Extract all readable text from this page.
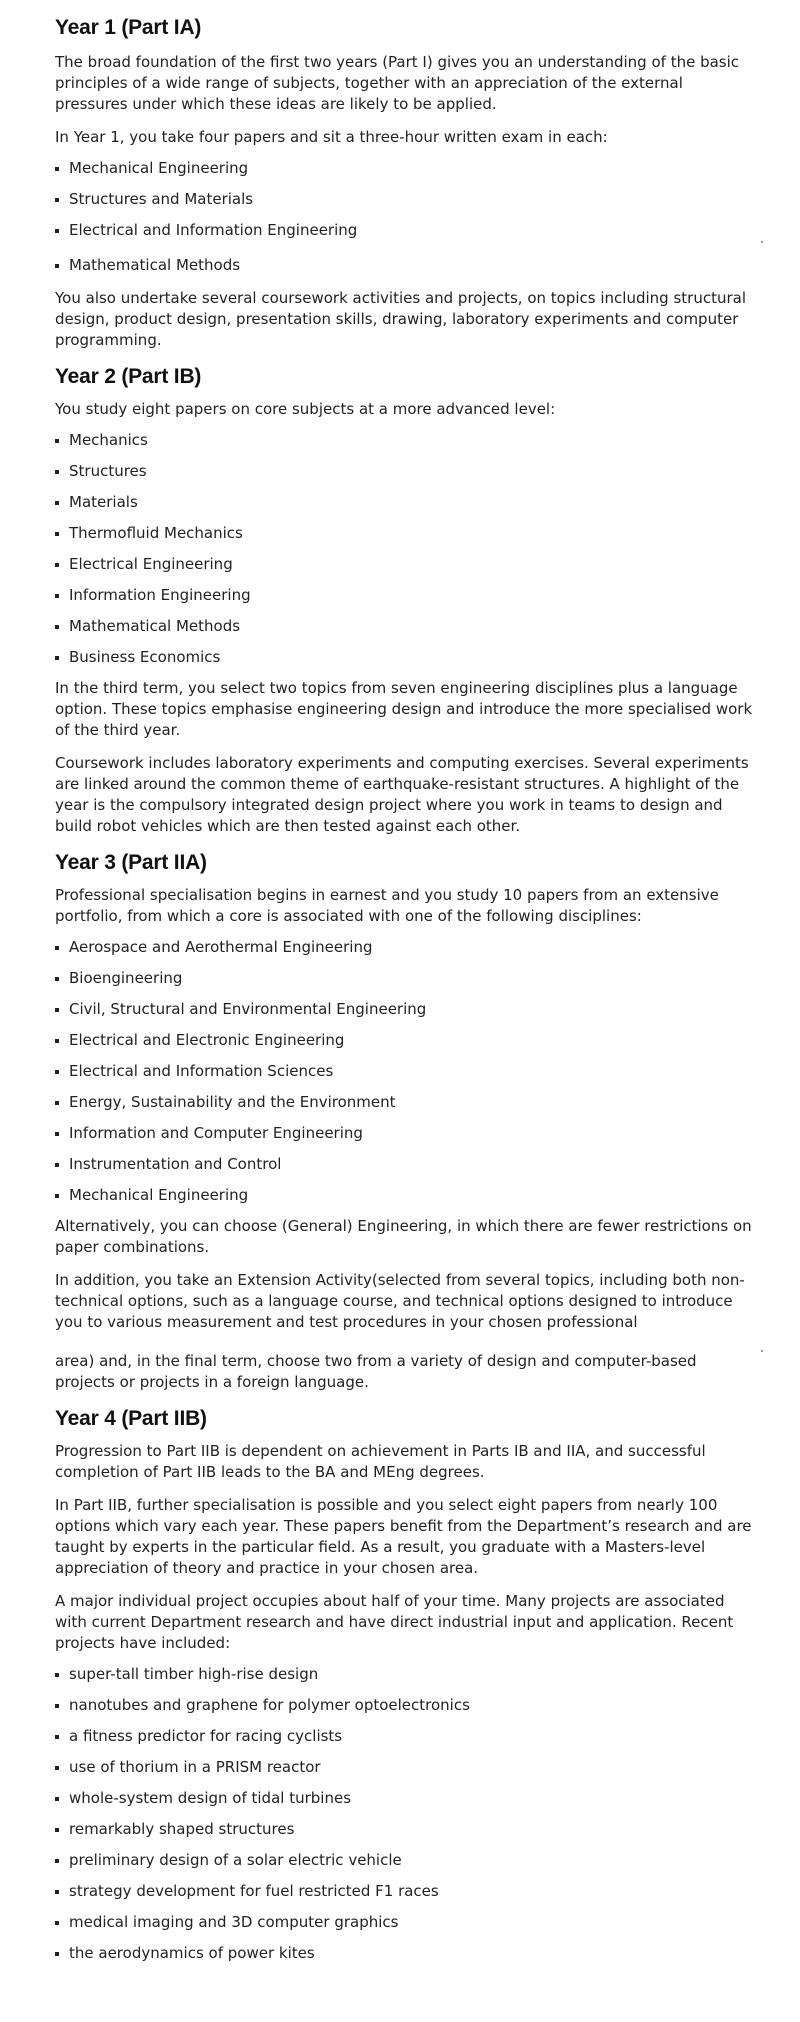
Year 1 (Part IA)

The broad foundation of the first two years (Part I) gives you an understanding of the basic principles of a wide range of subjects, together with an appreciation of the external pressures under which these ideas are likely to be applied.

In Year 1, you take four papers and sit a three-hour written exam in each:

Mechanical Engineering
Structures and Materials
Electrical and Information Engineering
Mathematical Methods

You also undertake several coursework activities and projects, on topics including structural design, product design, presentation skills, drawing, laboratory experiments and computer programming.

Year 2 (Part IB)

You study eight papers on core subjects at a more advanced level:

Mechanics
Structures
Materials
Thermofluid Mechanics
Electrical Engineering
Information Engineering
Mathematical Methods
Business Economics

In the third term, you select two topics from seven engineering disciplines plus a language option. These topics emphasise engineering design and introduce the more specialised work of the third year.

Coursework includes laboratory experiments and computing exercises. Several experiments are linked around the common theme of earthquake-resistant structures. A highlight of the year is the compulsory integrated design project where you work in teams to design and build robot vehicles which are then tested against each other.

Year 3 (Part IIA)

Professional specialisation begins in earnest and you study 10 papers from an extensive portfolio, from which a core is associated with one of the following disciplines:

Aerospace and Aerothermal Engineering
Bioengineering
Civil, Structural and Environmental Engineering
Electrical and Electronic Engineering
Electrical and Information Sciences
Energy, Sustainability and the Environment
Information and Computer Engineering
Instrumentation and Control
Mechanical Engineering

Alternatively, you can choose (General) Engineering, in which there are fewer restrictions on paper combinations.

In addition, you take an Extension Activity(selected from several topics, including both non-technical options, such as a language course, and technical options designed to introduce you to various measurement and test procedures in your chosen professional

area) and, in the final term, choose two from a variety of design and computer-based projects or projects in a foreign language.

Year 4 (Part IIB)

Progression to Part IIB is dependent on achievement in Parts IB and IIA, and successful completion of Part IIB leads to the BA and MEng degrees.

In Part IIB, further specialisation is possible and you select eight papers from nearly 100 options which vary each year. These papers benefit from the Department’s research and are taught by experts in the particular field. As a result, you graduate with a Masters-level appreciation of theory and practice in your chosen area.

A major individual project occupies about half of your time. Many projects are associated with current Department research and have direct industrial input and application. Recent projects have included:

super-tall timber high-rise design
nanotubes and graphene for polymer optoelectronics
a fitness predictor for racing cyclists
use of thorium in a PRISM reactor
whole-system design of tidal turbines
remarkably shaped structures
preliminary design of a solar electric vehicle
strategy development for fuel restricted F1 races
medical imaging and 3D computer graphics
the aerodynamics of power kites
